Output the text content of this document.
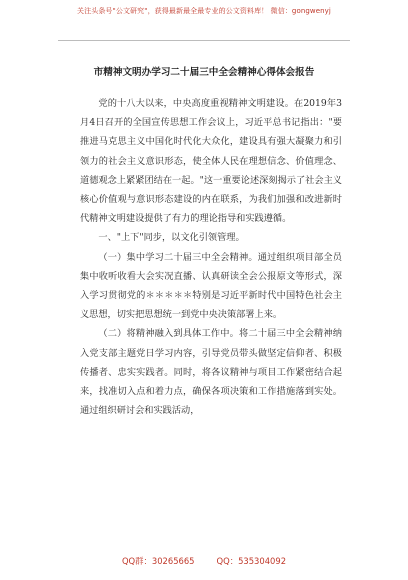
关注头条号"公文研究"，获得最新最全最专业的公文资料库！ 微信：gongwenyj
市精神文明办学习二十届三中全会精神心得体会报告

党的十八大以来，中央高度重视精神文明建设。在2019年3月4日召开的全国宣传思想工作会议上，习近平总书记指出："要推进马克思主义中国化时代化大众化，建设具有强大凝聚力和引领力的社会主义意识形态，使全体人民在理想信念、价值理念、道德观念上紧紧团结在一起。"这一重要论述深刻揭示了社会主义核心价值观与意识形态建设的内在联系，为我们加强和改进新时代精神文明建设提供了有力的理论指导和实践遵循。

一、"上下"同步，以文化引领管理。

（一）集中学习二十届三中全会精神。通过组织项目部全员集中收听收看大会实况直播、认真研读全会公报原文等形式，深入学习贯彻党的＊＊＊＊＊特别是习近平新时代中国特色社会主义思想，切实把思想统一到党中央决策部署上来。

（二）将精神融入到具体工作中。将二十届三中全会精神纳入党支部主题党日学习内容，引导党员带头做坚定信仰者、积极传播者、忠实实践者。同时，将各议精神与项目工作紧密结合起来，找准切入点和着力点，确保各项决策和工作措施落到实处。通过组织研讨会和实践活动，

QQ群：30265665	QQ：535304092
